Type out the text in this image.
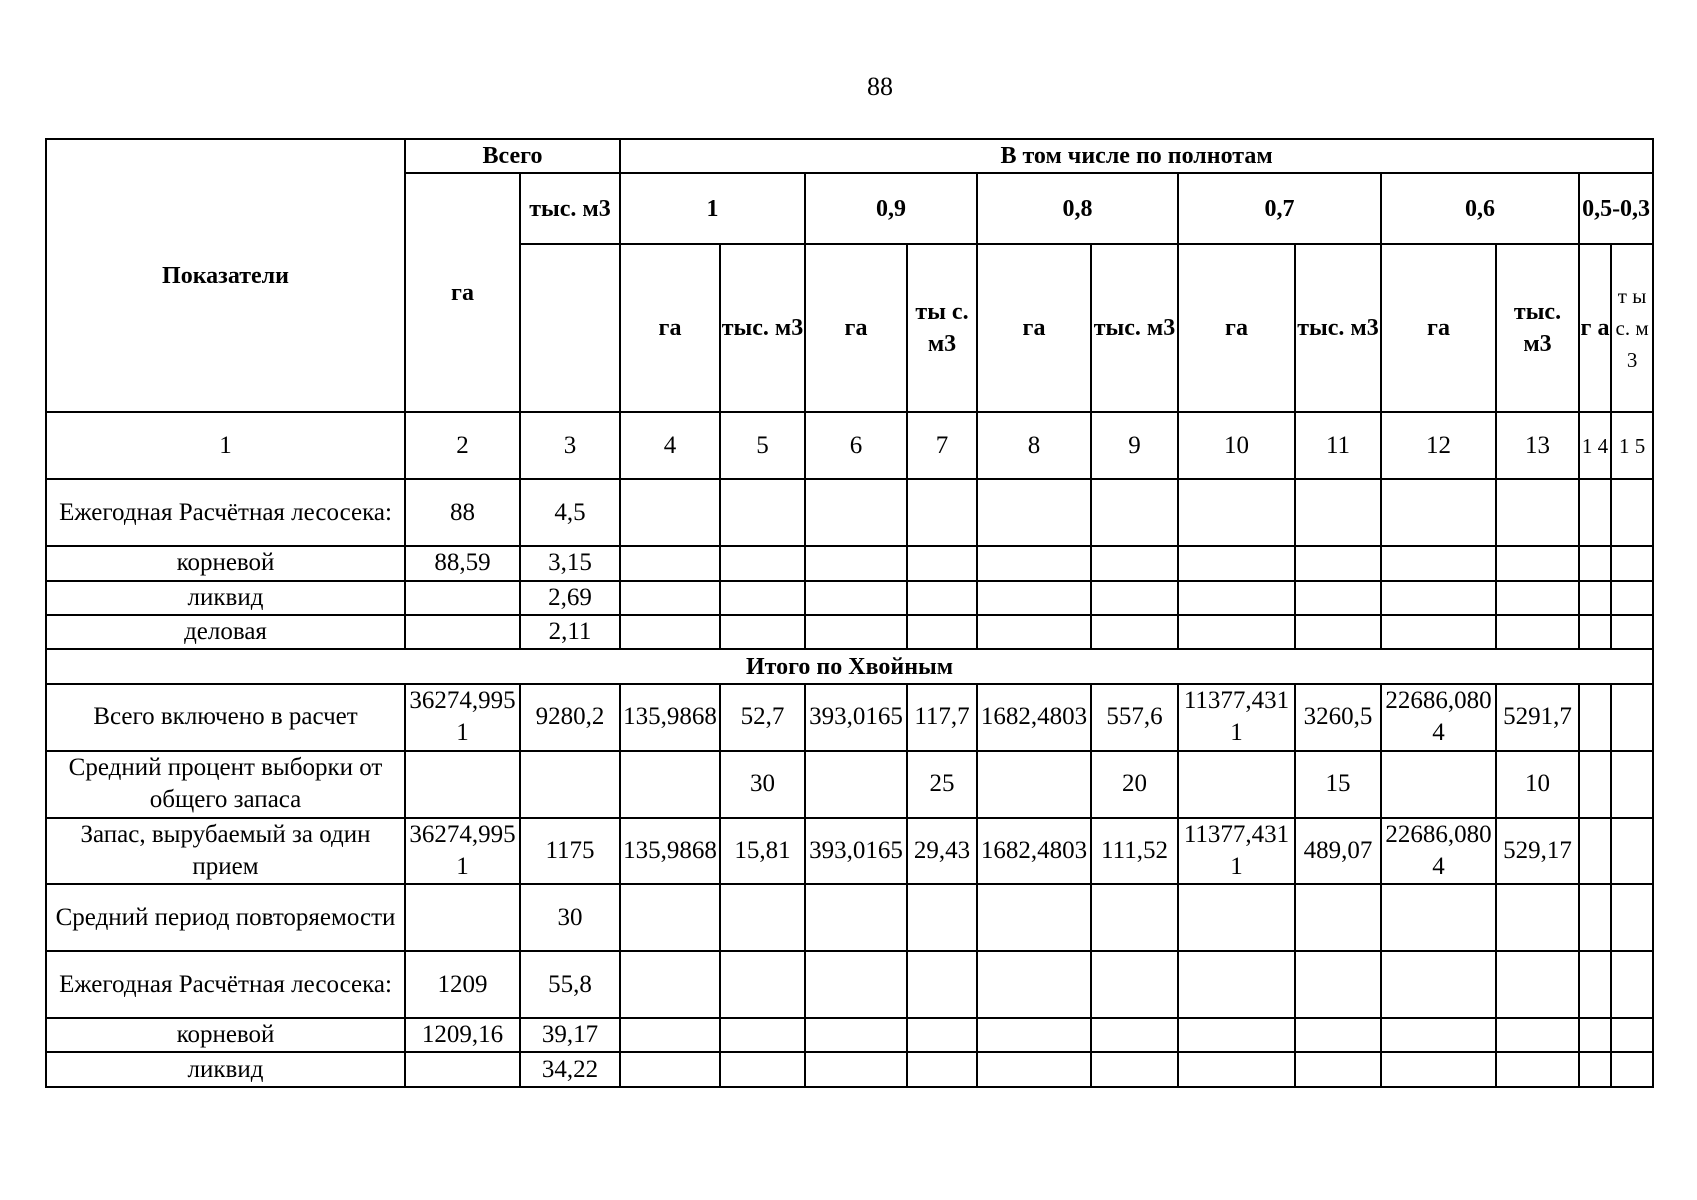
88
Показатели	Всего		В том числе по полнотам											
	га	тыс. м3	1		0,9		0,8		0,7		0,6		0,5-0,3	
			га	тыс. м3	га	ты с. м3	га	тыс. м3	га	тыс. м3	га	тыс. м3	г а	т ы с. м 3
1	2	3	4	5	6	7	8	9	10	11	12	13	1 4	1 5
Ежегодная Расчётная лесосека:	88	4,5												
корневой	88,59	3,15												
ликвид		2,69												
деловая		2,11												
Итого по Хвойным														
Всего включено в расчет	36274,9951	9280,2	135,9868	52,7	393,0165	117,7	1682,4803	557,6	11377,4311	3260,5	22686,0804	5291,7		
Средний процент выборки от общего запаса				30		25		20		15		10		
Запас, вырубаемый за один прием	36274,9951	1175	135,9868	15,81	393,0165	29,43	1682,4803	111,52	11377,4311	489,07	22686,0804	529,17		
Средний период повторяемости		30												
Ежегодная Расчётная лесосека:	1209	55,8												
корневой	1209,16	39,17												
ликвид		34,22												
